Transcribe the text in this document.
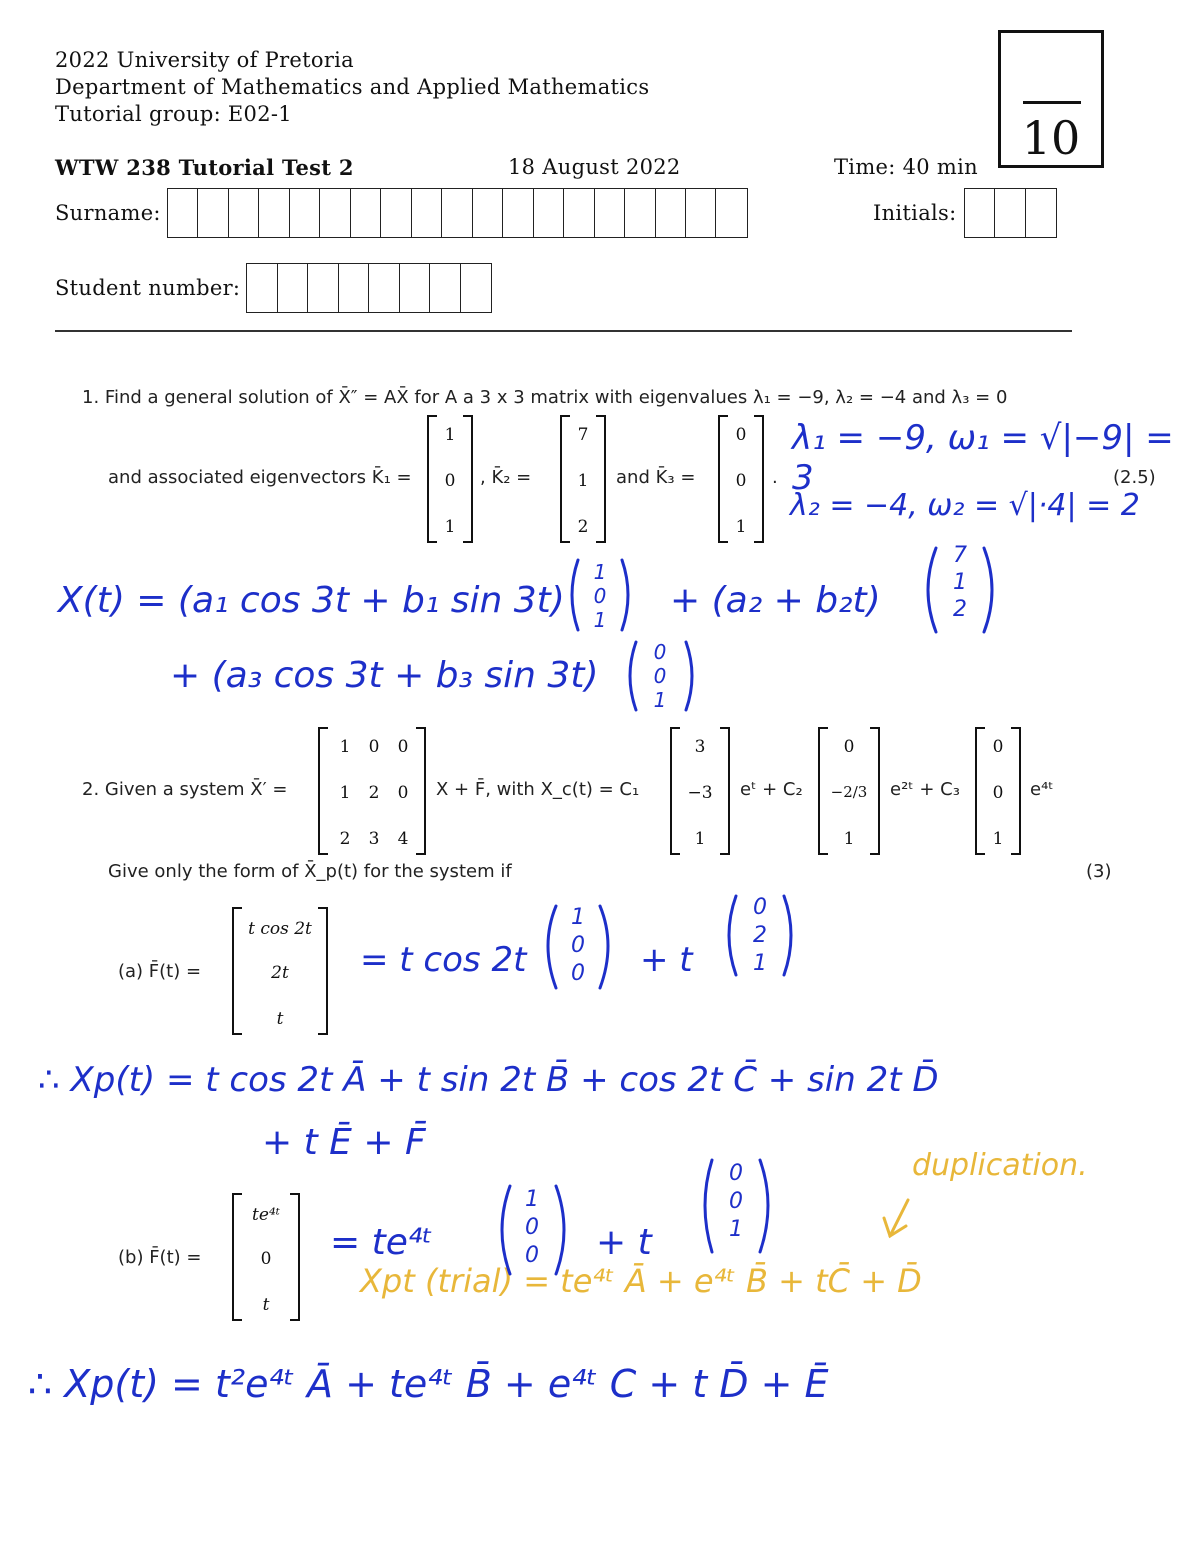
2022 University of Pretoria
Department of Mathematics and Applied Mathematics
Tutorial group: E02-1
WTW 238 Tutorial Test 2	18 August 2022	Time: 40 min
10
Surname:	Initials:
Student number:
1. Find a general solution of X̄″ = AX̄ for A a 3 x 3 matrix with eigenvalues λ₁ = −9, λ₂ = −4 and λ₃ = 0
and associated eigenvectors K̄₁ =
1
0
1
, K̄₂ =
7
1
2
and K̄₃ =
0
0
1
.	(2.5)
λ₁ = −9, ω₁ = √|−9| = 3
λ₂ = −4, ω₂ = √|·4| = 2
X(t) = (a₁ cos 3t + b₁ sin 3t)
1
0
1	+ (a₂ + b₂t)
7
1
2
+ (a₃ cos 3t + b₃ sin 3t)
0
0
1
2. Given a system X̄′ =
1	0	0
1	2	0
2	3	4
X + F̄, with X_c(t) = C₁
3
−3
1
eᵗ + C₂
0
−2/3
1
e²ᵗ + C₃
0
0
1
e⁴ᵗ
Give only the form of X̄_p(t) for the system if	(3)
(a) F̄(t) =
t cos 2t
2t
t
= t cos 2t
1
0
0	+ t
0
2
1
∴ Xp(t) = t cos 2t Ā + t sin 2t B̄ + cos 2t C̄ + sin 2t D̄
+ t Ē + F̄
(b) F̄(t) =
te⁴ᵗ
0
t
= te⁴ᵗ
1
0
0	+ t
0
0
1
duplication.
Xpt (trial) = te⁴ᵗ Ā + e⁴ᵗ B̄ + tC̄ + D̄
∴ Xp(t) = t²e⁴ᵗ Ā + te⁴ᵗ B̄ + e⁴ᵗ C + t D̄ + Ē
